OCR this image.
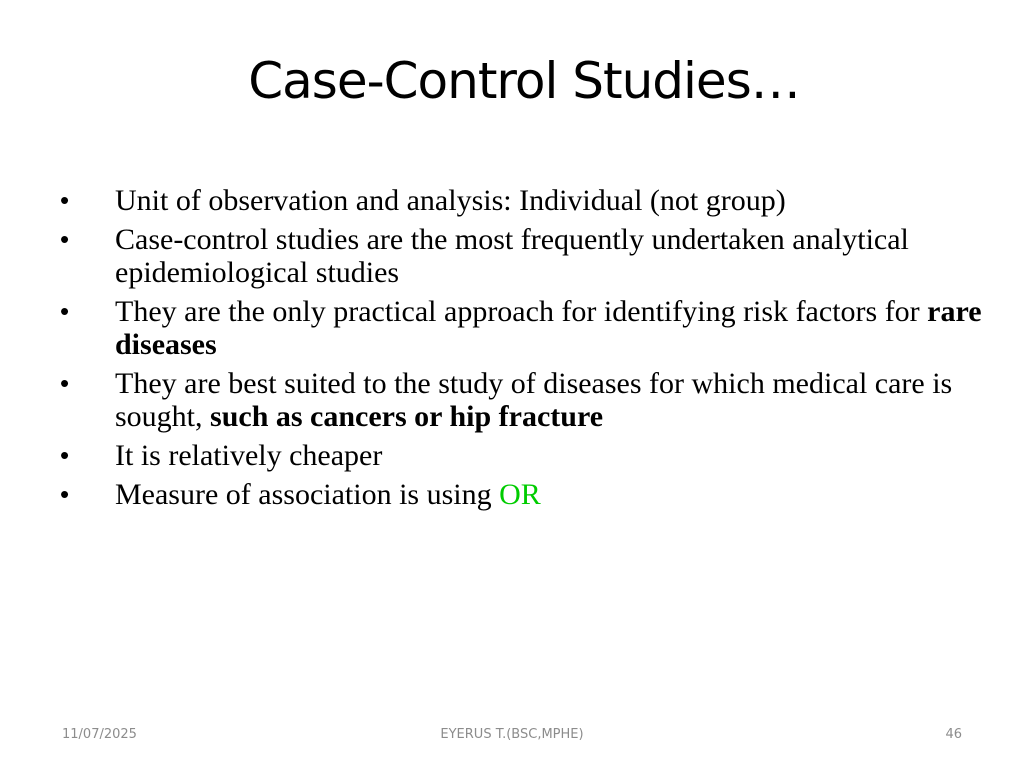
Case-Control Studies…
•	Unit of observation and analysis: Individual (not group)
•	Case-control studies are the most frequently undertaken analytical epidemiological studies
•	They are the only practical approach for identifying risk factors for rare diseases
•	They are best suited to the study of diseases for which medical care is sought, such as cancers or hip fracture
•	It is relatively cheaper
•	Measure of association is using OR
11/07/2025	EYERUS T.(BSC,MPHE)	46
